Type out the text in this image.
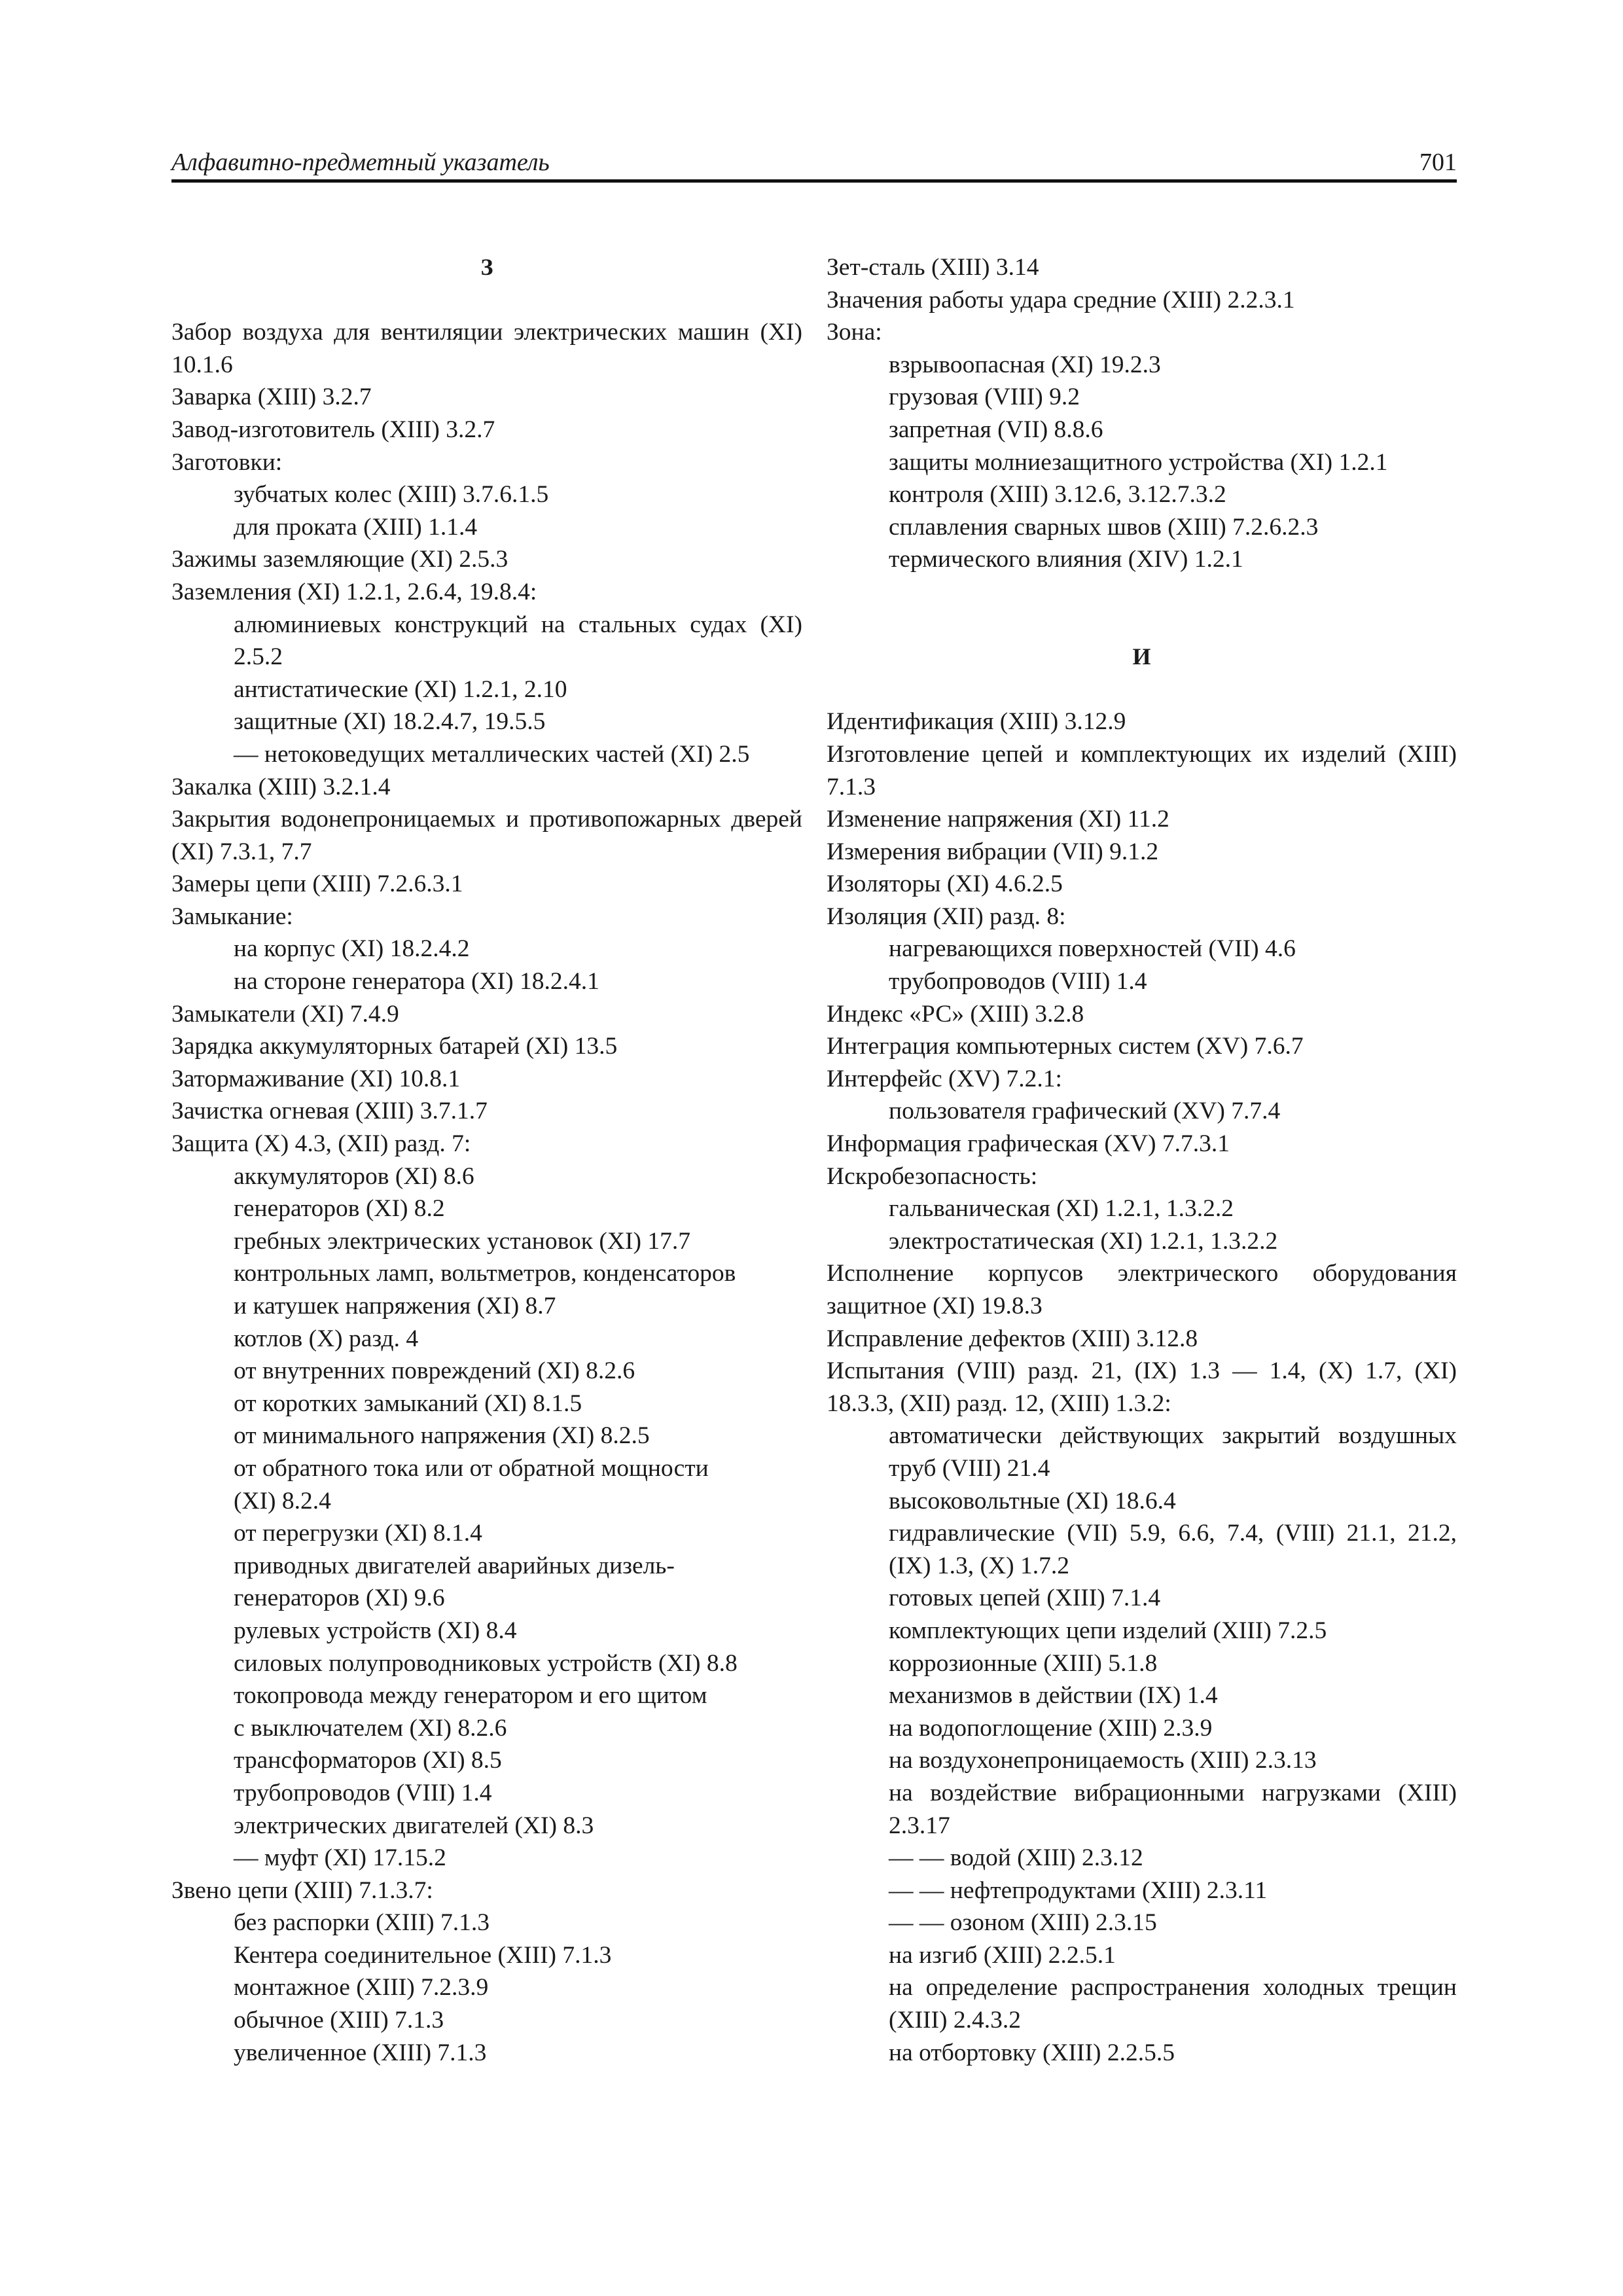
Алфавитно-предметный указатель	701
З
Забор воздуха для вентиляции электрических машин (XI) 10.1.6
Заварка (XIII) 3.2.7
Завод-изготовитель (XIII) 3.2.7
Заготовки:
зубчатых колес (XIII) 3.7.6.1.5
для проката (XIII) 1.1.4
Зажимы заземляющие (XI) 2.5.3
Заземления (XI) 1.2.1, 2.6.4, 19.8.4:
алюминиевых конструкций на стальных судах (XI) 2.5.2
антистатические (XI) 1.2.1, 2.10
защитные (XI) 18.2.4.7, 19.5.5
— нетоковедущих металлических частей (XI) 2.5
Закалка (XIII) 3.2.1.4
Закрытия водонепроницаемых и противопожарных дверей (XI) 7.3.1, 7.7
Замеры цепи (XIII) 7.2.6.3.1
Замыкание:
на корпус (XI) 18.2.4.2
на стороне генератора (XI) 18.2.4.1
Замыкатели (XI) 7.4.9
Зарядка аккумуляторных батарей (XI) 13.5
Затормаживание (XI) 10.8.1
Зачистка огневая (XIII) 3.7.1.7
Защита (X) 4.3, (XII) разд. 7:
аккумуляторов (XI) 8.6
генераторов (XI) 8.2
гребных электрических установок (XI) 17.7
контрольных ламп, вольтметров, конденсаторов
и катушек напряжения (XI) 8.7
котлов (X) разд. 4
от внутренних повреждений (XI) 8.2.6
от коротких замыканий (XI) 8.1.5
от минимального напряжения (XI) 8.2.5
от обратного тока или от обратной мощности
(XI) 8.2.4
от перегрузки (XI) 8.1.4
приводных двигателей аварийных дизель-
генераторов (XI) 9.6
рулевых устройств (XI) 8.4
силовых полупроводниковых устройств (XI) 8.8
токопровода между генератором и его щитом
с выключателем (XI) 8.2.6
трансформаторов (XI) 8.5
трубопроводов (VIII) 1.4
электрических двигателей (XI) 8.3
— муфт (XI) 17.15.2
Звено цепи (XIII) 7.1.3.7:
без распорки (XIII) 7.1.3
Кентера соединительное (XIII) 7.1.3
монтажное (XIII) 7.2.3.9
обычное (XIII) 7.1.3
увеличенное (XIII) 7.1.3
Зет-сталь (XIII) 3.14
Значения работы удара средние (XIII) 2.2.3.1
Зона:
взрывоопасная (XI) 19.2.3
грузовая (VIII) 9.2
запретная (VII) 8.8.6
защиты молниезащитного устройства (XI) 1.2.1
контроля (XIII) 3.12.6, 3.12.7.3.2
сплавления сварных швов (XIII) 7.2.6.2.3
термического влияния (XIV) 1.2.1
И
Идентификация (XIII) 3.12.9
Изготовление цепей и комплектующих их изделий (XIII) 7.1.3
Изменение напряжения (XI) 11.2
Измерения вибрации (VII) 9.1.2
Изоляторы (XI) 4.6.2.5
Изоляция (XII) разд. 8:
нагревающихся поверхностей (VII) 4.6
трубопроводов (VIII) 1.4
Индекс «РС» (XIII) 3.2.8
Интеграция компьютерных систем (XV) 7.6.7
Интерфейс (XV) 7.2.1:
пользователя графический (XV) 7.7.4
Информация графическая (XV) 7.7.3.1
Искробезопасность:
гальваническая (XI) 1.2.1, 1.3.2.2
электростатическая (XI) 1.2.1, 1.3.2.2
Исполнение корпусов электрического оборудования защитное (XI) 19.8.3
Исправление дефектов (XIII) 3.12.8
Испытания (VIII) разд. 21, (IX) 1.3 — 1.4, (X) 1.7, (XI) 18.3.3, (XII) разд. 12, (XIII) 1.3.2:
автоматически действующих закрытий воздушных труб (VIII) 21.4
высоковольтные (XI) 18.6.4
гидравлические (VII) 5.9, 6.6, 7.4, (VIII) 21.1, 21.2, (IX) 1.3, (X) 1.7.2
готовых цепей (XIII) 7.1.4
комплектующих цепи изделий (XIII) 7.2.5
коррозионные (XIII) 5.1.8
механизмов в действии (IX) 1.4
на водопоглощение (XIII) 2.3.9
на воздухонепроницаемость (XIII) 2.3.13
на воздействие вибрационными нагрузками (XIII) 2.3.17
— — водой (XIII) 2.3.12
— — нефтепродуктами (XIII) 2.3.11
— — озоном (XIII) 2.3.15
на изгиб (XIII) 2.2.5.1
на определение распространения холодных трещин (XIII) 2.4.3.2
на отбортовку (XIII) 2.2.5.5
